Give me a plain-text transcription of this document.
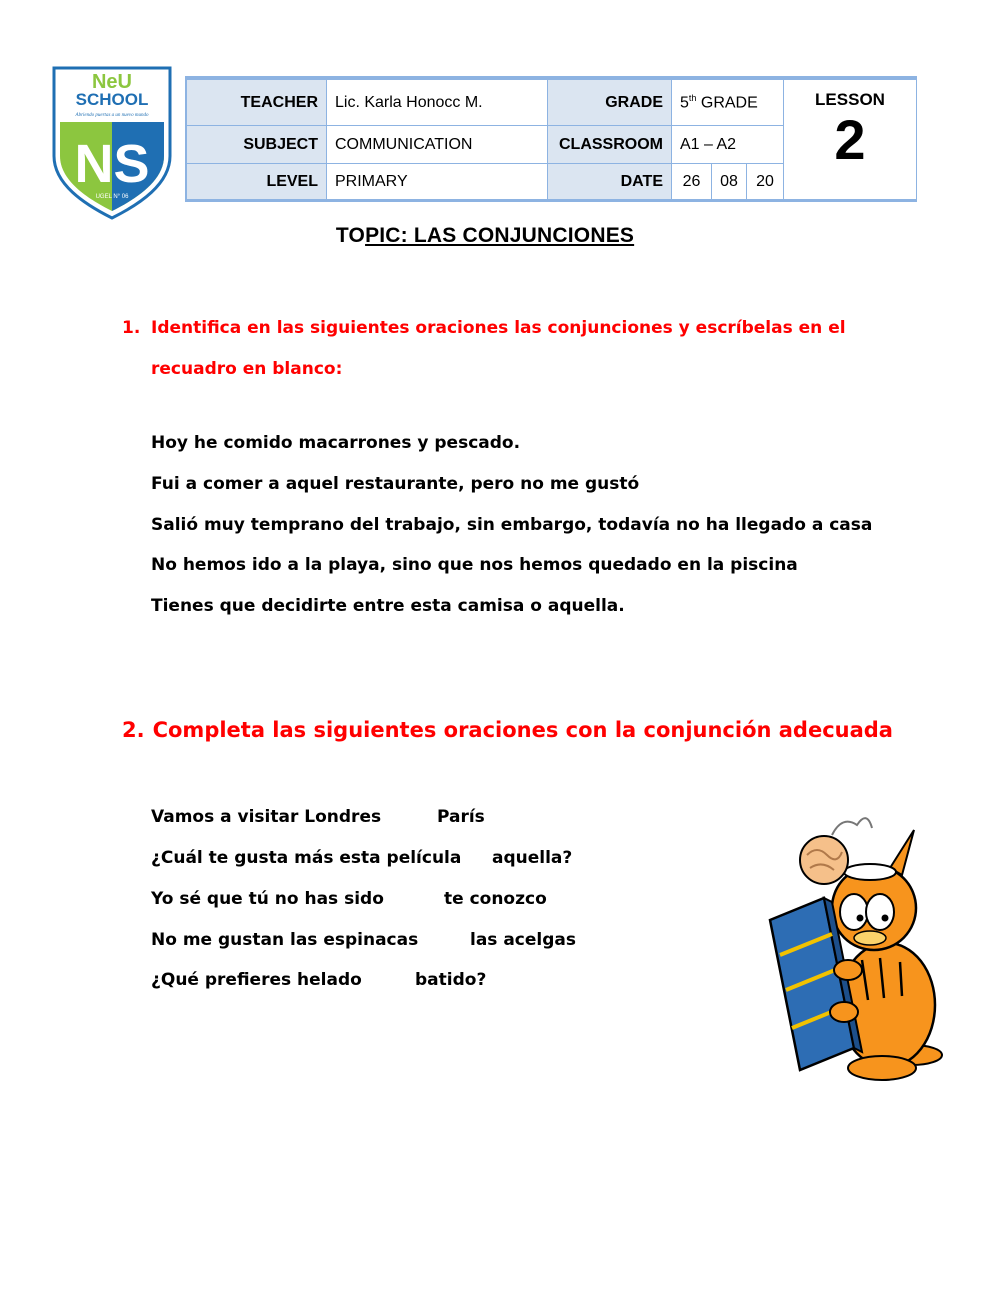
NeU
SCHOOL
Abriendo puertas a un nuevo mundo
NS
UGEL N° 06
TEACHER	Lic. Karla Honocc M.	GRADE	5th GRADE			LESSON
2

SUBJECT	COMMUNICATION	CLASSROOM	A1 – A2			
LEVEL	PRIMARY	DATE	26	08	20	
TOPIC: LAS CONJUNCIONES
1. Identifica en las siguientes oraciones las conjunciones y escríbelas en el
recuadro en blanco:
Hoy he comido macarrones y pescado.
Fui a comer a aquel restaurante, pero no me gustó
Salió muy temprano del trabajo, sin embargo, todavía no ha llegado a casa
No hemos ido a la playa, sino que nos hemos quedado en la piscina
Tienes que decidirte entre esta camisa o aquella.
2. Completa las siguientes oraciones con la conjunción adecuada
Vamos a visitar Londres	París
¿Cuál te gusta más esta película aquella?
Yo sé que tú no has sido	te conozco
No me gustan las espinacas	las acelgas
¿Qué prefieres helado	batido?
